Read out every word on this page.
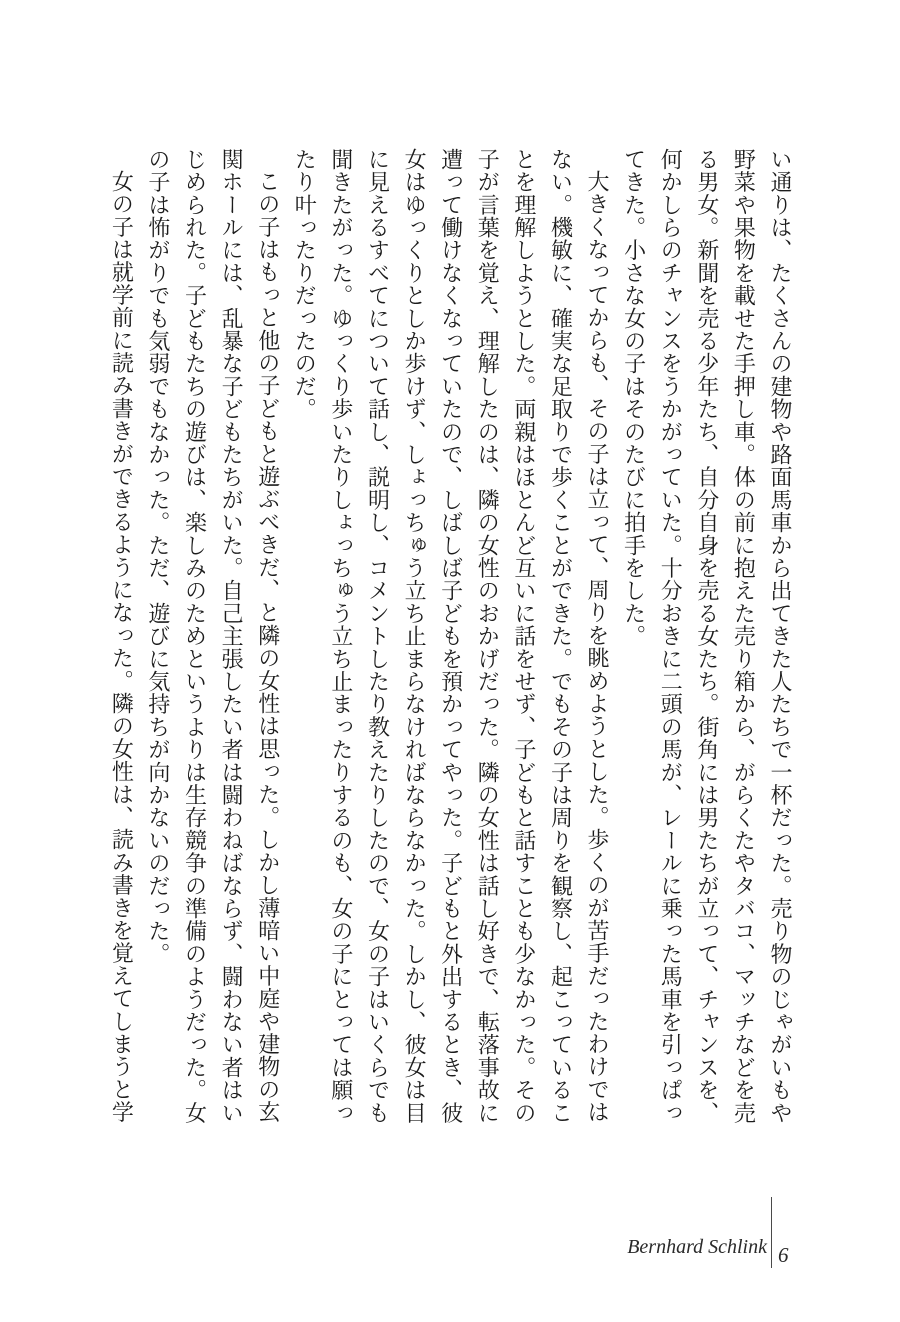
い通りは、たくさんの建物や路面馬車から出てきた人たちで一杯だった。売り物のじゃがいもや野菜や果物を載せた手押し車。体の前に抱えた売り箱から、がらくたやタバコ、マッチなどを売る男女。新聞を売る少年たち、自分自身を売る女たち。街角には男たちが立って、チャンスを、何かしらのチャンスをうかがっていた。十分おきに二頭の馬が、レールに乗った馬車を引っぱってきた。小さな女の子はそのたびに拍手をした。

大きくなってからも、その子は立って、周りを眺めようとした。歩くのが苦手だったわけではない。機敏に、確実な足取りで歩くことができた。でもその子は周りを観察し、起こっていることを理解しようとした。両親はほとんど互いに話をせず、子どもと話すことも少なかった。その子が言葉を覚え、理解したのは、隣の女性のおかげだった。隣の女性は話し好きで、転落事故に遭って働けなくなっていたので、しばしば子どもを預かってやった。子どもと外出するとき、彼女はゆっくりとしか歩けず、しょっちゅう立ち止まらなければならなかった。しかし、彼女は目に見えるすべてについて話し、説明し、コメントしたり教えたりしたので、女の子はいくらでも聞きたがった。ゆっくり歩いたりしょっちゅう立ち止まったりするのも、女の子にとっては願ったり叶ったりだったのだ。

この子はもっと他の子どもと遊ぶべきだ、と隣の女性は思った。しかし薄暗い中庭や建物の玄関ホールには、乱暴な子どもたちがいた。自己主張したい者は闘わねばならず、闘わない者はいじめられた。子どもたちの遊びは、楽しみのためというよりは生存競争の準備のようだった。女の子は怖がりでも気弱でもなかった。ただ、遊びに気持ちが向かないのだった。

女の子は就学前に読み書きができるようになった。隣の女性は、読み書きを覚えてしまうと学

Bernhard Schlink 6
